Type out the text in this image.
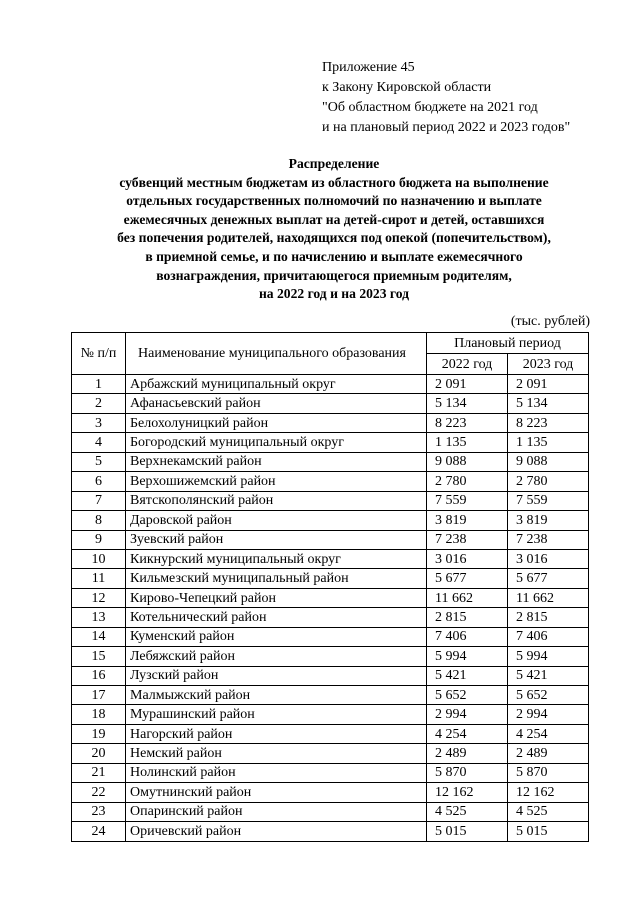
Приложение 45
к Закону Кировской области
"Об областном бюджете на 2021 год
и на плановый период 2022 и 2023 годов"
Распределение
субвенций местным бюджетам из областного бюджета на выполнение
отдельных государственных полномочий по назначению и выплате
ежемесячных денежных выплат на детей-сирот и детей, оставшихся
без попечения родителей, находящихся под опекой (попечительством),
в приемной семье, и по начислению и выплате ежемесячного
вознаграждения, причитающегося приемным родителям,
на 2022 год и на 2023 год
(тыс. рублей)
№ п/п	Наименование муниципального образования	Плановый период	
		2022 год	2023 год
1	Арбажский муниципальный округ	2 091	2 091
2	Афанасьевский район	5 134	5 134
3	Белохолуницкий район	8 223	8 223
4	Богородский муниципальный округ	1 135	1 135
5	Верхнекамский район	9 088	9 088
6	Верхошижемский район	2 780	2 780
7	Вятскополянский район	7 559	7 559
8	Даровской район	3 819	3 819
9	Зуевский район	7 238	7 238
10	Кикнурский муниципальный округ	3 016	3 016
11	Кильмезский муниципальный район	5 677	5 677
12	Кирово-Чепецкий район	11 662	11 662
13	Котельнический район	2 815	2 815
14	Куменский район	7 406	7 406
15	Лебяжский район	5 994	5 994
16	Лузский район	5 421	5 421
17	Малмыжский район	5 652	5 652
18	Мурашинский район	2 994	2 994
19	Нагорский район	4 254	4 254
20	Немский район	2 489	2 489
21	Нолинский район	5 870	5 870
22	Омутнинский район	12 162	12 162
23	Опаринский район	4 525	4 525
24	Оричевский район	5 015	5 015
